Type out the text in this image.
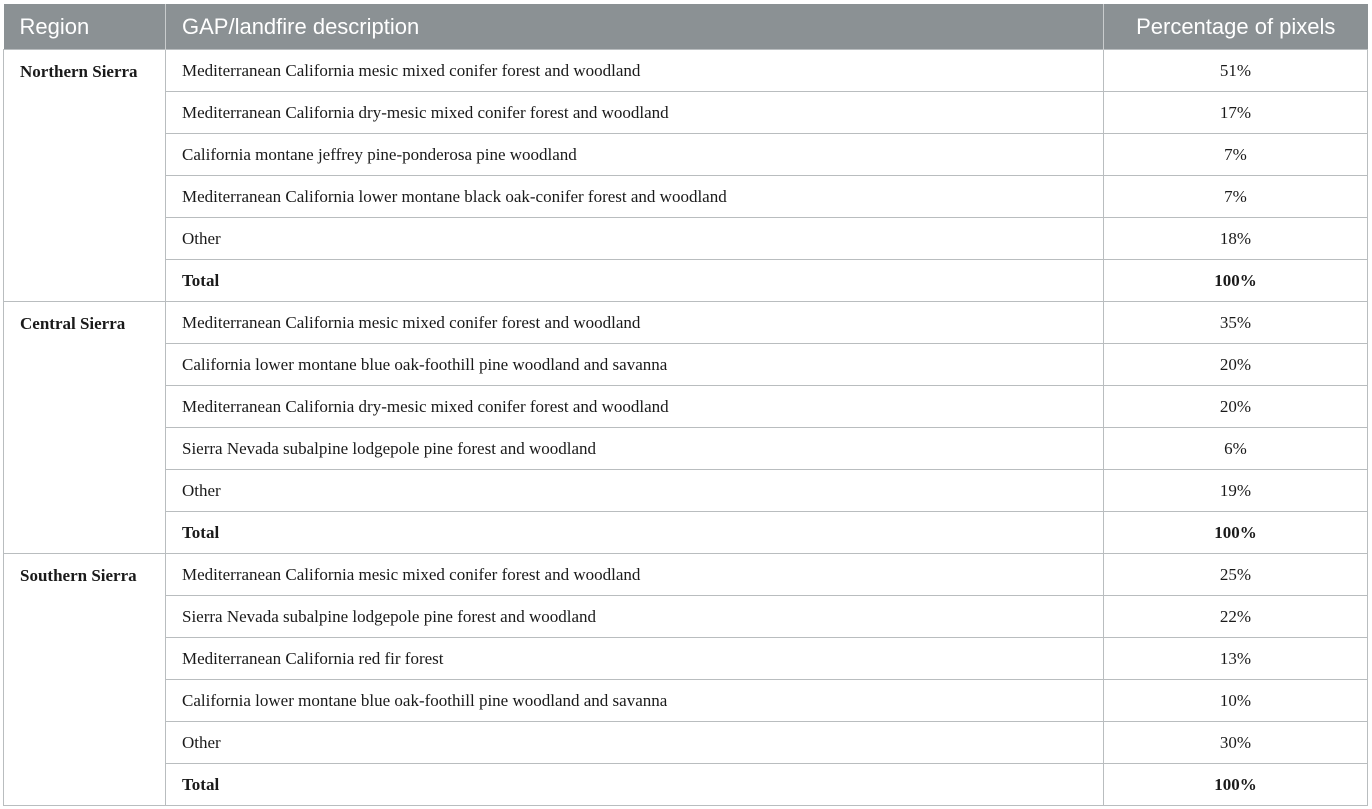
Region	GAP/landfire description	Percentage of pixels
Northern Sierra	Mediterranean California mesic mixed conifer forest and woodland	51%
	Mediterranean California dry-mesic mixed conifer forest and woodland	17%
	California montane jeffrey pine-ponderosa pine woodland	7%
	Mediterranean California lower montane black oak-conifer forest and woodland	7%
	Other	18%
	Total	100%
Central Sierra	Mediterranean California mesic mixed conifer forest and woodland	35%
	California lower montane blue oak-foothill pine woodland and savanna	20%
	Mediterranean California dry-mesic mixed conifer forest and woodland	20%
	Sierra Nevada subalpine lodgepole pine forest and woodland	6%
	Other	19%
	Total	100%
Southern Sierra	Mediterranean California mesic mixed conifer forest and woodland	25%
	Sierra Nevada subalpine lodgepole pine forest and woodland	22%
	Mediterranean California red fir forest	13%
	California lower montane blue oak-foothill pine woodland and savanna	10%
	Other	30%
	Total	100%
